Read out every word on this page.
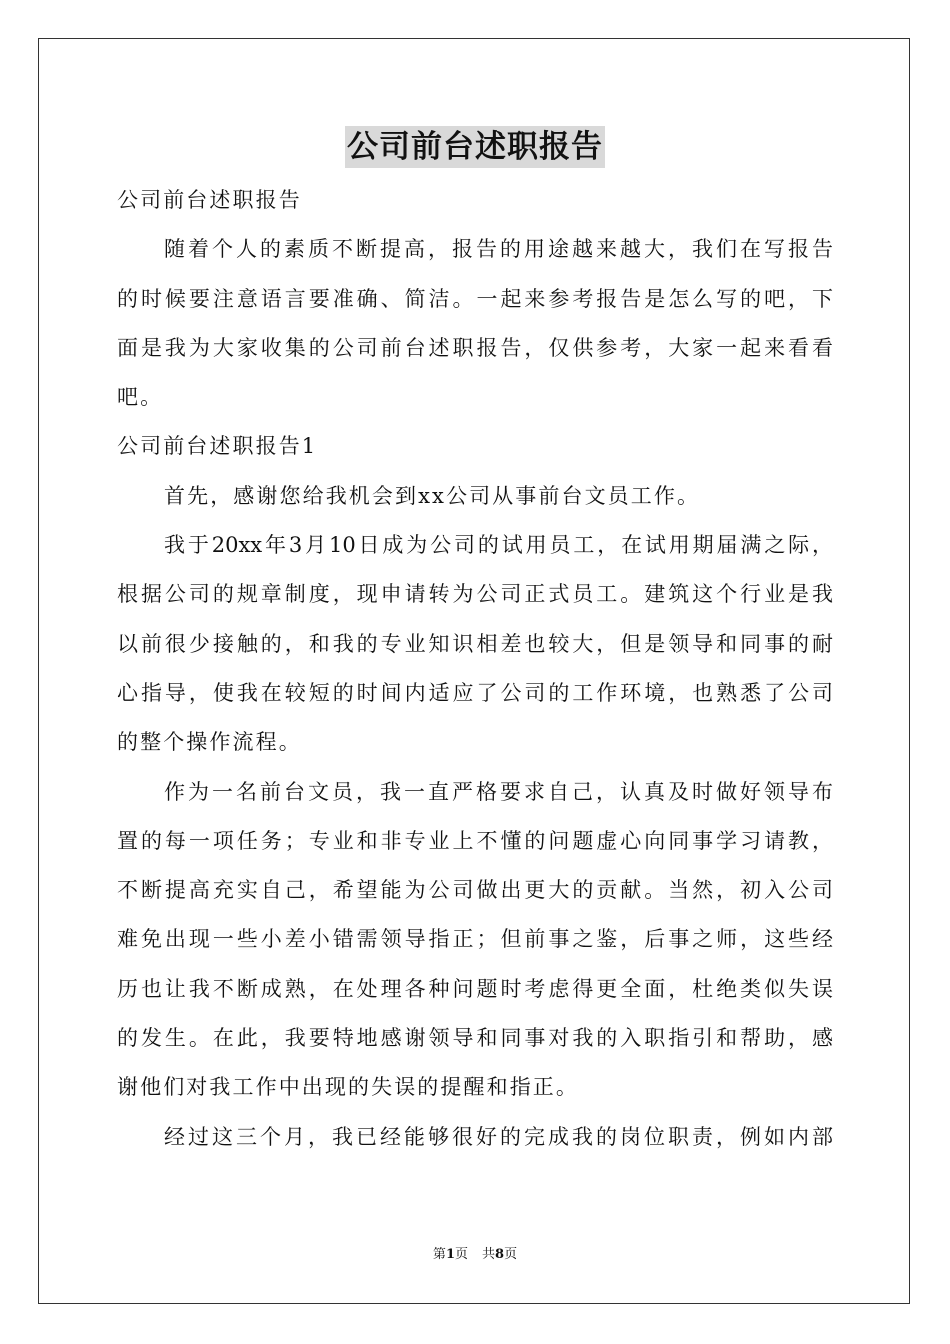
公司前台述职报告
公司前台述职报告
随着个人的素质不断提高，报告的用途越来越大，我们在写报告
的时候要注意语言要准确、简洁。一起来参考报告是怎么写的吧，下
面是我为大家收集的公司前台述职报告，仅供参考，大家一起来看看
吧。
公司前台述职报告1
首先，感谢您给我机会到xx公司从事前台文员工作。
我于20xx年3月10日成为公司的试用员工，在试用期届满之际，
根据公司的规章制度，现申请转为公司正式员工。建筑这个行业是我
以前很少接触的，和我的专业知识相差也较大，但是领导和同事的耐
心指导，使我在较短的时间内适应了公司的工作环境，也熟悉了公司
的整个操作流程。
作为一名前台文员，我一直严格要求自己，认真及时做好领导布
置的每一项任务；专业和非专业上不懂的问题虚心向同事学习请教，
不断提高充实自己，希望能为公司做出更大的贡献。当然，初入公司
难免出现一些小差小错需领导指正；但前事之鉴，后事之师，这些经
历也让我不断成熟，在处理各种问题时考虑得更全面，杜绝类似失误
的发生。在此，我要特地感谢领导和同事对我的入职指引和帮助，感
谢他们对我工作中出现的失误的提醒和指正。
经过这三个月，我已经能够很好的完成我的岗位职责，例如内部
第1页 共8页
